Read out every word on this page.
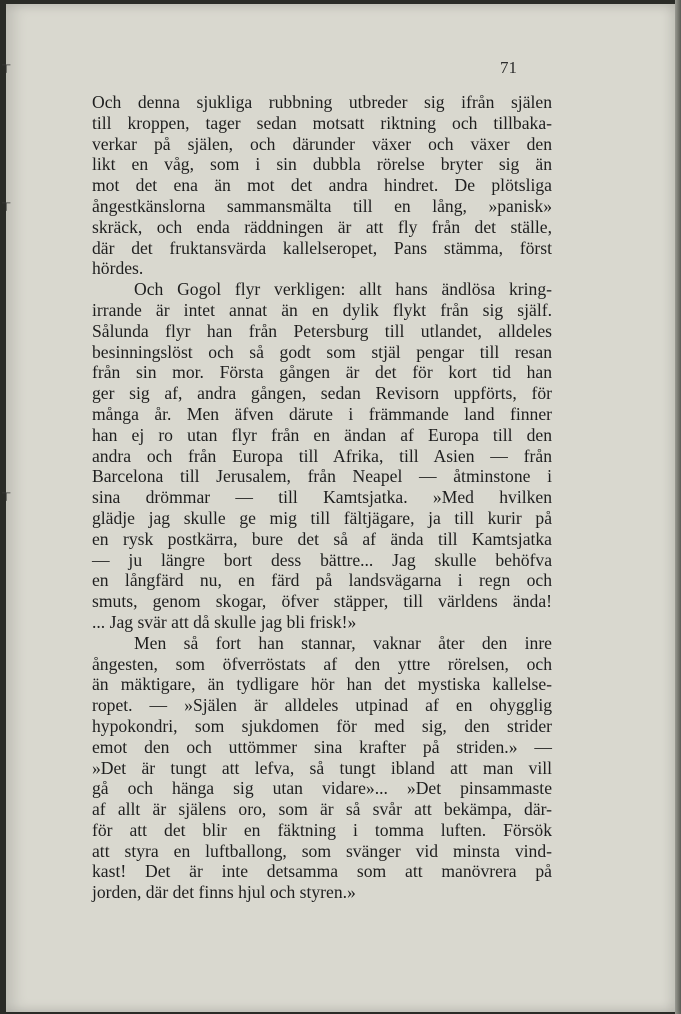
71
Och denna sjukliga rubbning utbreder sig ifrån själen
till kroppen, tager sedan motsatt riktning och tillbaka-
verkar på själen, och därunder växer och växer den
likt en våg, som i sin dubbla rörelse bryter sig än
mot det ena än mot det andra hindret. De plötsliga
ångestkänslorna sammansmälta till en lång, »panisk»
skräck, och enda räddningen är att fly från det ställe,
där det fruktansvärda kallelseropet, Pans stämma, först
hördes.
Och Gogol flyr verkligen: allt hans ändlösa kring-
irrande är intet annat än en dylik flykt från sig själf.
Sålunda flyr han från Petersburg till utlandet, alldeles
besinningslöst och så godt som stjäl pengar till resan
från sin mor. Första gången är det för kort tid han
ger sig af, andra gången, sedan Revisorn uppförts, för
många år. Men äfven därute i främmande land finner
han ej ro utan flyr från en ändan af Europa till den
andra och från Europa till Afrika, till Asien — från
Barcelona till Jerusalem, från Neapel — åtminstone i
sina drömmar — till Kamtsjatka. »Med hvilken
glädje jag skulle ge mig till fältjägare, ja till kurir på
en rysk postkärra, bure det så af ända till Kamtsjatka
— ju längre bort dess bättre... Jag skulle behöfva
en långfärd nu, en färd på landsvägarna i regn och
smuts, genom skogar, öfver stäpper, till världens ända!
... Jag svär att då skulle jag bli frisk!»
Men så fort han stannar, vaknar åter den inre
ångesten, som öfverröstats af den yttre rörelsen, och
än mäktigare, än tydligare hör han det mystiska kallelse-
ropet. — »Själen är alldeles utpinad af en ohygglig
hypokondri, som sjukdomen för med sig, den strider
emot den och uttömmer sina krafter på striden.» —
»Det är tungt att lefva, så tungt ibland att man vill
gå och hänga sig utan vidare»... »Det pinsammaste
af allt är själens oro, som är så svår att bekämpa, där-
för att det blir en fäktning i tomma luften. Försök
att styra en luftballong, som svänger vid minsta vind-
kast! Det är inte detsamma som att manövrera på
jorden, där det finns hjul och styren.»
⊤
⊤
⊤
